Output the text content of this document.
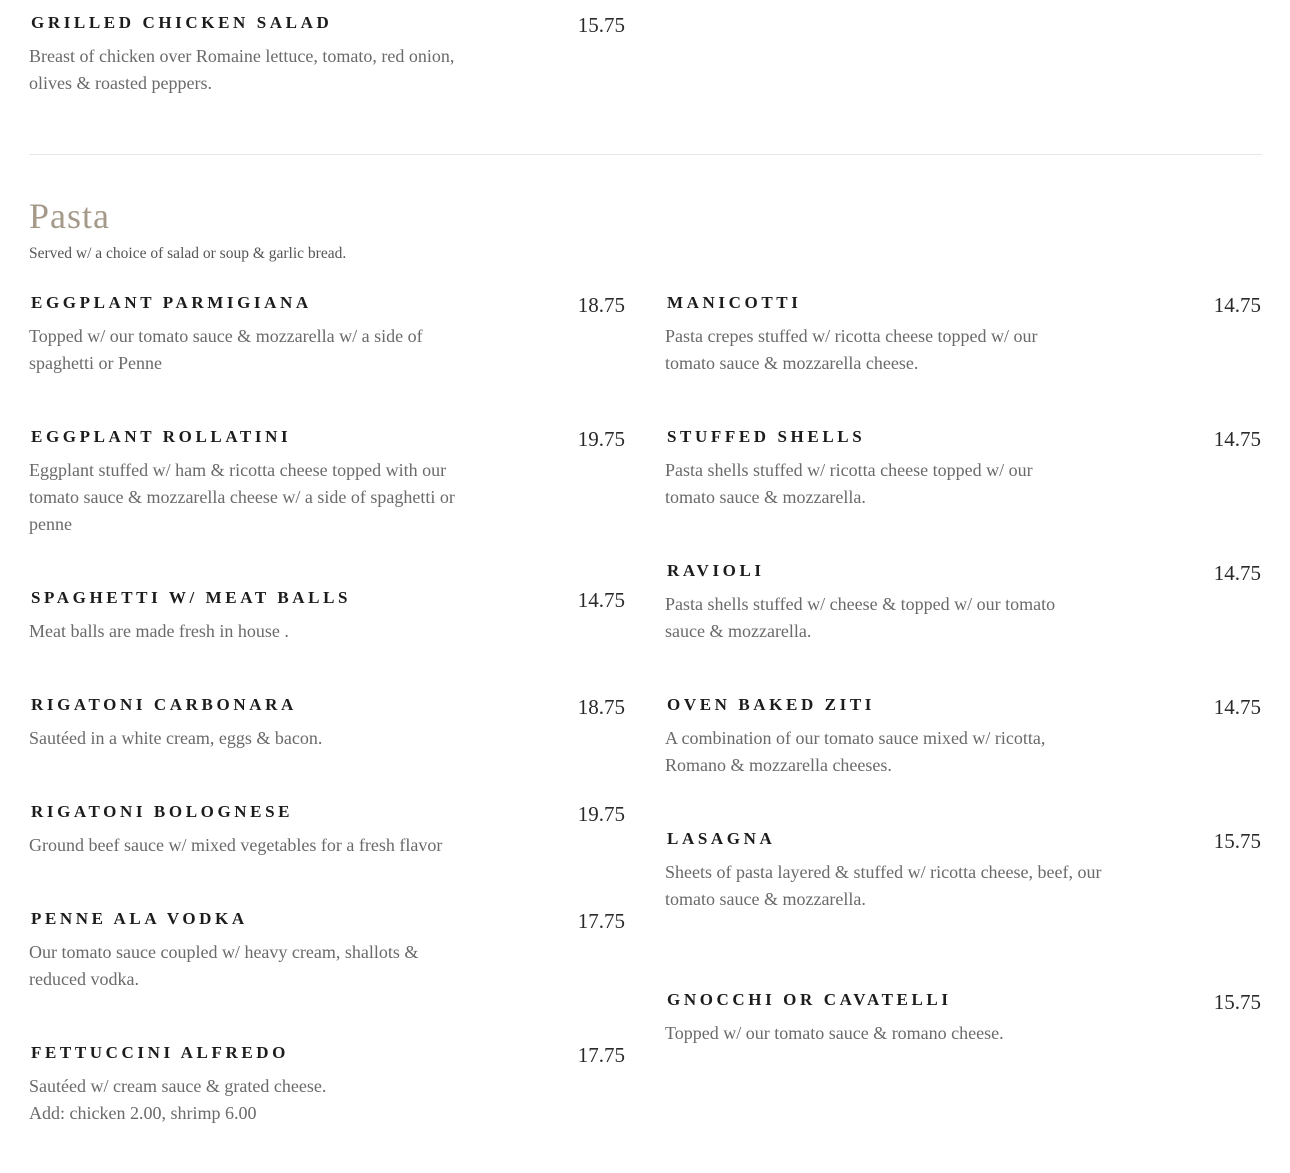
GRILLED CHICKEN SALAD	15.75
Breast of chicken over Romaine lettuce, tomato, red onion, olives & roasted peppers.
Pasta
Served w/ a choice of salad or soup & garlic bread.
EGGPLANT PARMIGIANA	18.75
Topped w/ our tomato sauce & mozzarella w/ a side of spaghetti or Penne
EGGPLANT ROLLATINI	19.75
Eggplant stuffed w/ ham & ricotta cheese topped with our tomato sauce & mozzarella cheese w/ a side of spaghetti or penne
SPAGHETTI W/ MEAT BALLS	14.75
Meat balls are made fresh in house .
RIGATONI CARBONARA	18.75
Sautéed in a white cream, eggs & bacon.
RIGATONI BOLOGNESE	19.75
Ground beef sauce w/ mixed vegetables for a fresh flavor
PENNE ALA VODKA	17.75
Our tomato sauce coupled w/ heavy cream, shallots & reduced vodka.
FETTUCCINI ALFREDO	17.75
Sautéed w/ cream sauce & grated cheese.
Add: chicken 2.00, shrimp 6.00
MANICOTTI	14.75
Pasta crepes stuffed w/ ricotta cheese topped w/ our tomato sauce & mozzarella cheese.
STUFFED SHELLS	14.75
Pasta shells stuffed w/ ricotta cheese topped w/ our tomato sauce & mozzarella.
RAVIOLI	14.75
Pasta shells stuffed w/ cheese & topped w/ our tomato sauce & mozzarella.
OVEN BAKED ZITI	14.75
A combination of our tomato sauce mixed w/ ricotta, Romano & mozzarella cheeses.
LASAGNA	15.75
Sheets of pasta layered & stuffed w/ ricotta cheese, beef, our tomato sauce & mozzarella.
GNOCCHI OR CAVATELLI	15.75
Topped w/ our tomato sauce & romano cheese.
